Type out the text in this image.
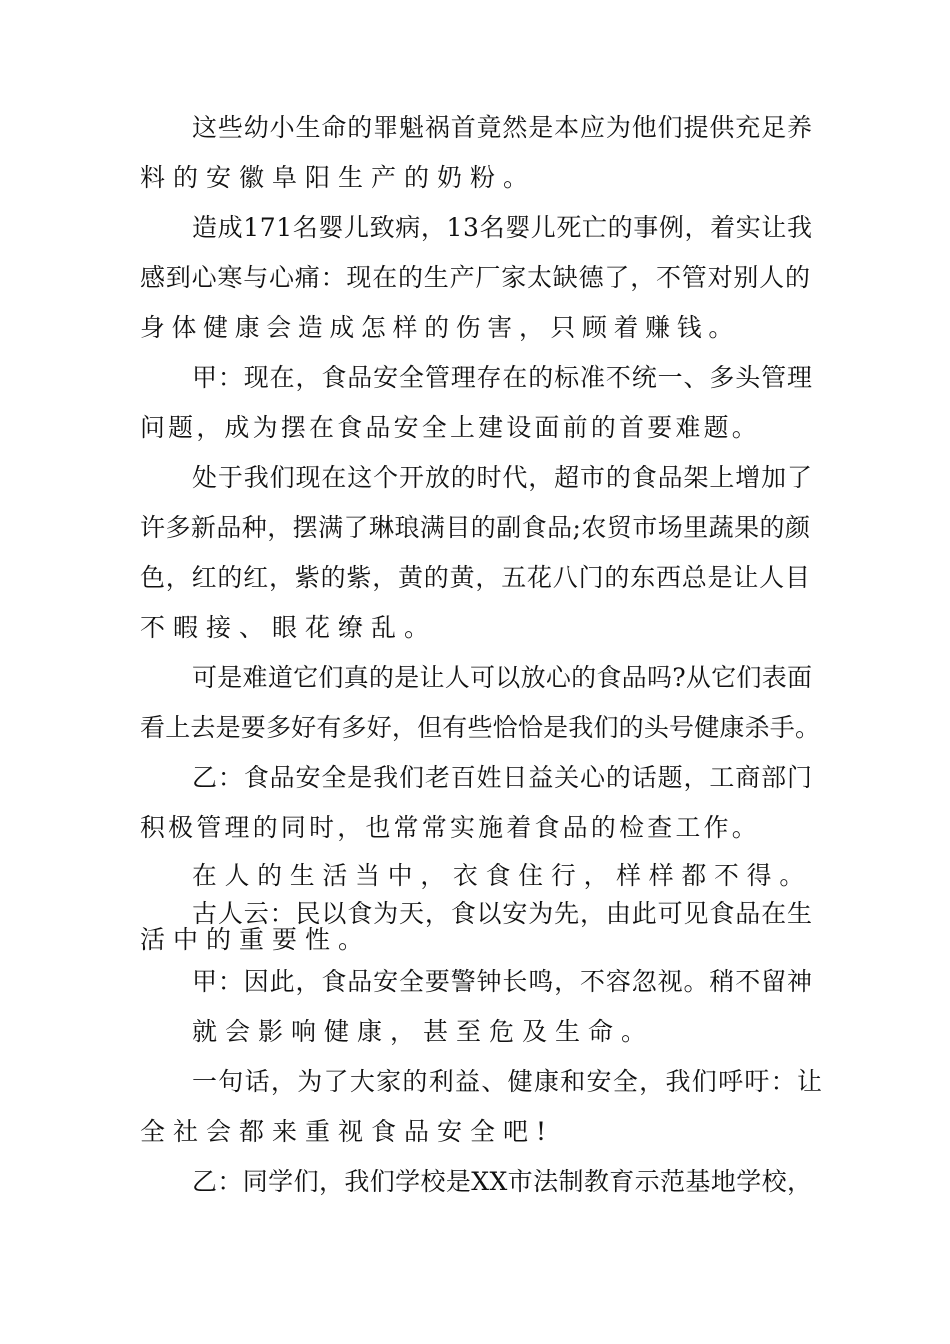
这些幼小生命的罪魁祸首竟然是本应为他们提供充足养
料的安徽阜阳生产的奶粉。
造成171名婴儿致病，13名婴儿死亡的事例，着实让我
感到心寒与心痛：现在的生产厂家太缺德了，不管对别人的
身体健康会造成怎样的伤害，只顾着赚钱。
甲：现在，食品安全管理存在的标准不统一、多头管理
问题，成为摆在食品安全上建设面前的首要难题。
处于我们现在这个开放的时代，超市的食品架上增加了
许多新品种，摆满了琳琅满目的副食品;农贸市场里蔬果的颜
色，红的红，紫的紫，黄的黄，五花八门的东西总是让人目
不暇接、眼花缭乱。
可是难道它们真的是让人可以放心的食品吗?从它们表面
看上去是要多好有多好，但有些恰恰是我们的头号健康杀手。
乙：食品安全是我们老百姓日益关心的话题，工商部门
积极管理的同时，也常常实施着食品的检查工作。
在人的生活当中，衣食住行，样样都不得。
古人云：民以食为天，食以安为先，由此可见食品在生
活中的重要性。
甲：因此，食品安全要警钟长鸣，不容忽视。稍不留神
就会影响健康，甚至危及生命。
一句话，为了大家的利益、健康和安全，我们呼吁：让
全社会都来重视食品安全吧!
乙：同学们，我们学校是XX市法制教育示范基地学校，
